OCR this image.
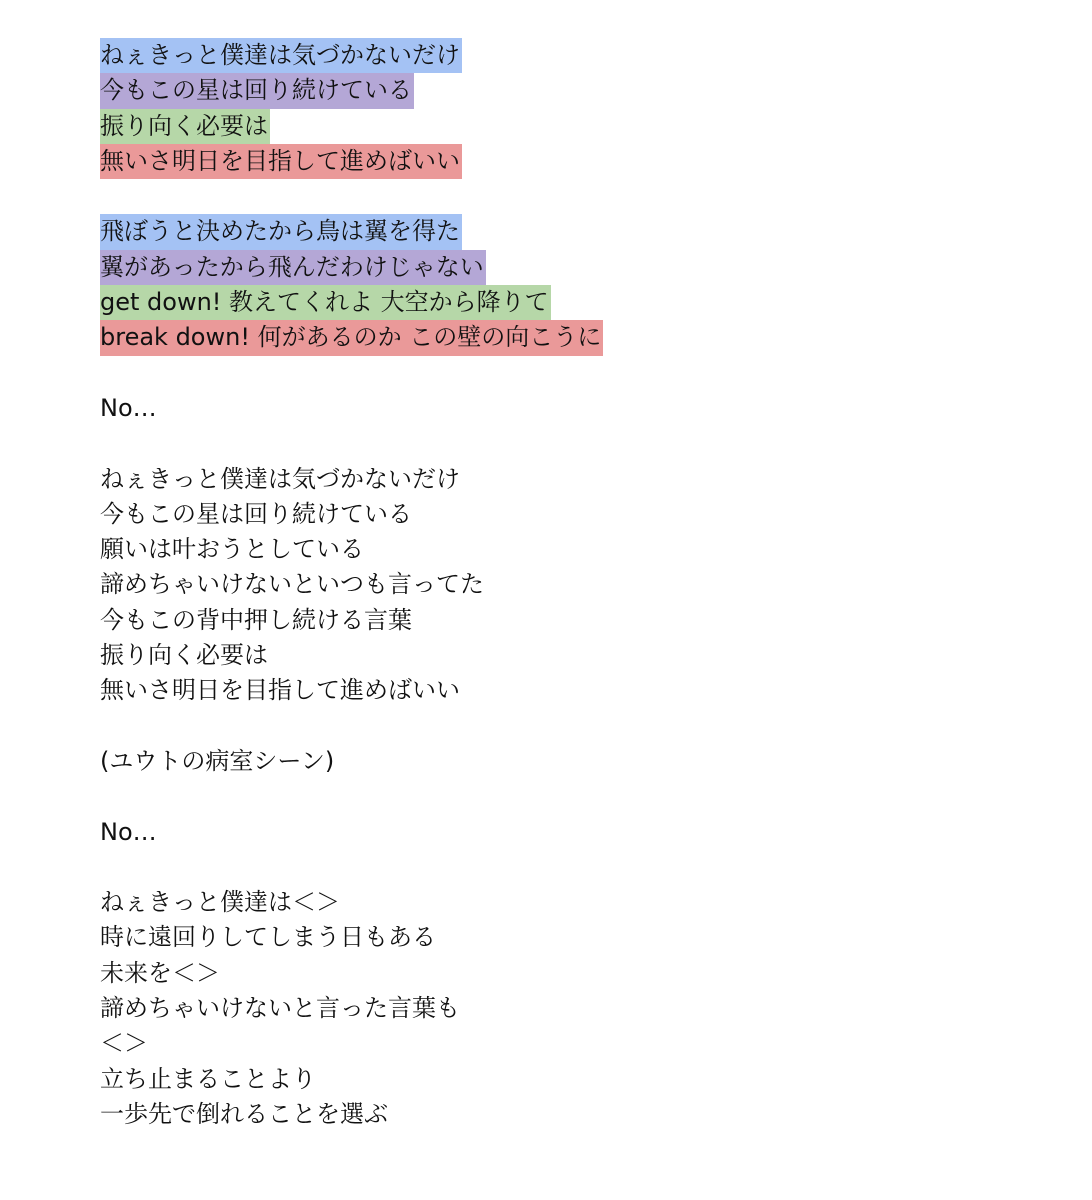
ねぇきっと僕達は気づかないだけ
今もこの星は回り続けている
振り向く必要は
無いさ明日を目指して進めばいい
飛ぼうと決めたから鳥は翼を得た
翼があったから飛んだわけじゃない
get down! 教えてくれよ 大空から降りて
break down! 何があるのか この壁の向こうに
No…
ねぇきっと僕達は気づかないだけ
今もこの星は回り続けている
願いは叶おうとしている
諦めちゃいけないといつも言ってた
今もこの背中押し続ける言葉
振り向く必要は
無いさ明日を目指して進めばいい
(ユウトの病室シーン)
No…
ねぇきっと僕達は＜＞
時に遠回りしてしまう日もある
未来を＜＞
諦めちゃいけないと言った言葉も
＜＞
立ち止まることより
一歩先で倒れることを選ぶ
